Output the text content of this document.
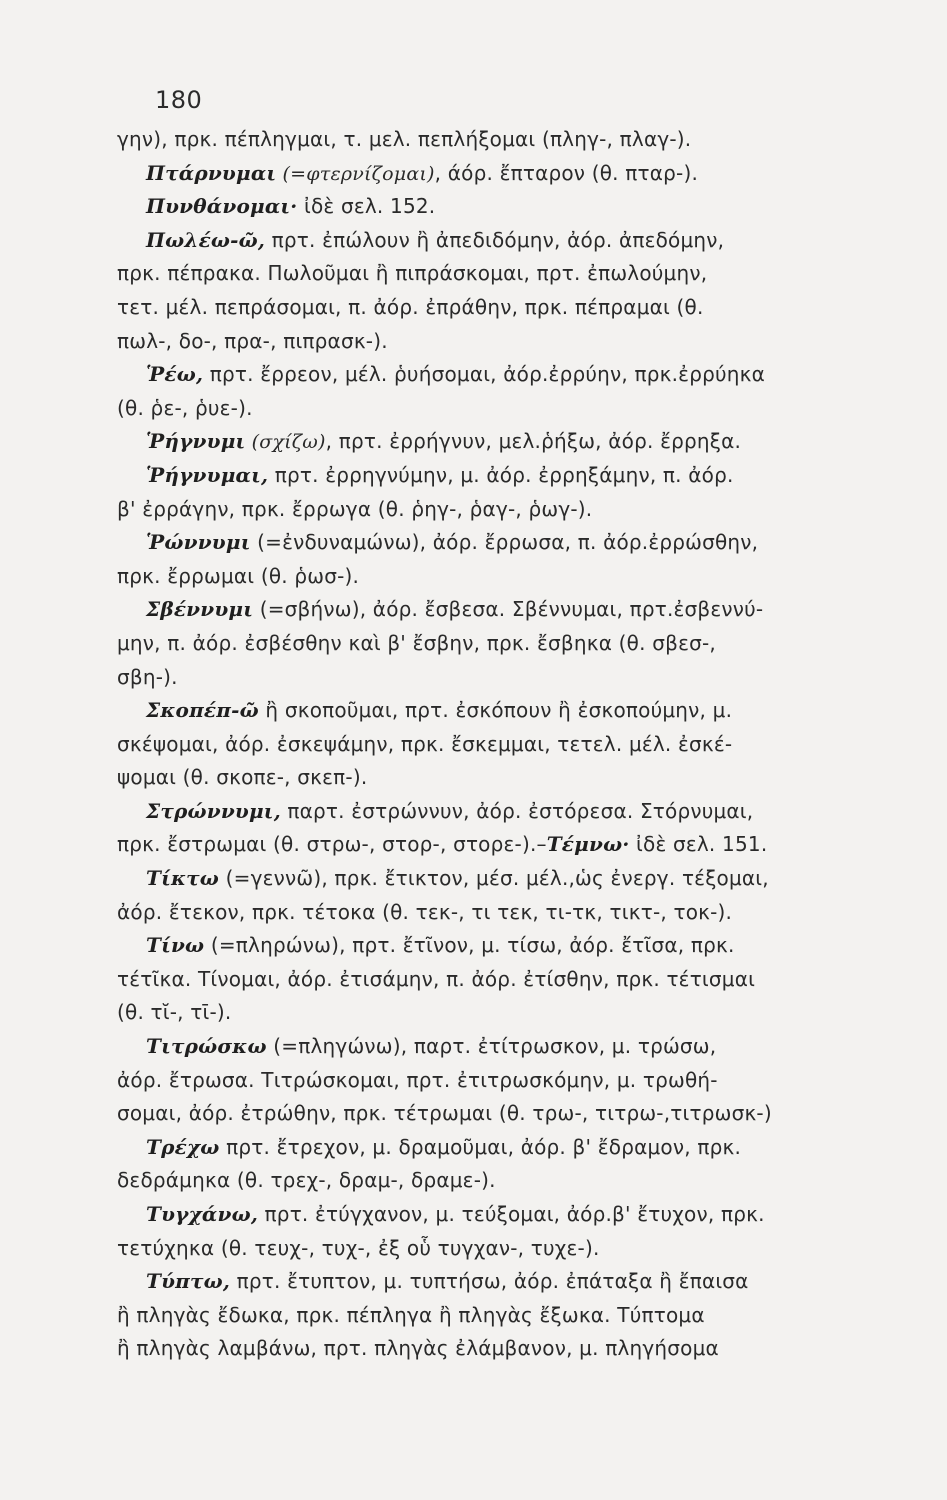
180
γην), πρκ. πέπληγμαι, τ. μελ. πεπλήξομαι (πληγ-, πλαγ-).
Πτάρνυμαι (=φτερνίζομαι), άόρ. ἔπταρον (θ. πταρ-).
Πυνθάνομαι· ἰδὲ σελ. 152.
Πωλέω-ῶ, πρτ. ἐπώλουν ἢ ἀπεδιδόμην, ἀόρ. ἀπεδόμην,
πρκ. πέπρακα. Πωλοῦμαι ἢ πιπράσκομαι, πρτ. ἐπωλούμην,
τετ. μέλ. πεπράσομαι, π. ἀόρ. ἐπράθην, πρκ. πέπραμαι (θ.
πωλ-, δο-, πρα-, πιπρασκ-).
Ῥέω, πρτ. ἔρρεον, μέλ. ῥυήσομαι, ἀόρ.ἐρρύην, πρκ.ἐρρύηκα
(θ. ῥε-, ῥυε-).
Ῥήγνυμι (σχίζω), πρτ. ἐρρήγνυν, μελ.ῥήξω, ἀόρ. ἔρρηξα.
Ῥήγνυμαι, πρτ. ἐρρηγνύμην, μ. ἀόρ. ἐρρηξάμην, π. ἀόρ.
β' ἐρράγην, πρκ. ἔρρωγα (θ. ῥηγ-, ῥαγ-, ῥωγ-).
Ῥώννυμι (=ἐνδυναμώνω), ἀόρ. ἔρρωσα, π. ἀόρ.ἐρρώσθην,
πρκ. ἔρρωμαι (θ. ῥωσ-).
Σβέννυμι (=σβήνω), ἀόρ. ἔσβεσα. Σβέννυμαι, πρτ.ἐσβεννύ-
μην, π. ἀόρ. ἐσβέσθην καὶ β' ἔσβην, πρκ. ἔσβηκα (θ. σβεσ-,
σβη-).
Σκοπέπ-ῶ ἢ σκοποῦμαι, πρτ. ἐσκόπουν ἢ ἐσκοπούμην, μ.
σκέψομαι, ἀόρ. ἐσκεψάμην, πρκ. ἔσκεμμαι, τετελ. μέλ. ἐσκέ-
ψομαι (θ. σκοπε-, σκεπ-).
Στρώννυμι, παρτ. ἐστρώννυν, ἀόρ. ἐστόρεσα. Στόρνυμαι,
πρκ. ἔστρωμαι (θ. στρω-, στορ-, στορε-).–Τέμνω· ἰδὲ σελ. 151.
Τίκτω (=γεννῶ), πρκ. ἔτικτον, μέσ. μέλ.,ὡς ἐνεργ. τέξομαι,
ἀόρ. ἔτεκον, πρκ. τέτοκα (θ. τεκ-, τι τεκ, τι-τκ, τικτ-, τοκ-).
Τίνω (=πληρώνω), πρτ. ἔτῖνον, μ. τίσω, ἀόρ. ἔτῖσα, πρκ.
τέτῖκα. Τίνομαι, ἀόρ. ἐτισάμην, π. ἀόρ. ἐτίσθην, πρκ. τέτισμαι
(θ. τῐ-, τῑ-).
Τιτρώσκω (=πληγώνω), παρτ. ἐτίτρωσκον, μ. τρώσω,
ἀόρ. ἔτρωσα. Τιτρώσκομαι, πρτ. ἐτιτρωσκόμην, μ. τρωθή-
σομαι, ἀόρ. ἐτρώθην, πρκ. τέτρωμαι (θ. τρω-, τιτρω-,τιτρωσκ-)
Τρέχω πρτ. ἔτρεχον, μ. δραμοῦμαι, ἀόρ. β' ἔδραμον, πρκ.
δεδράμηκα (θ. τρεχ-, δραμ-, δραμε-).
Τυγχάνω, πρτ. ἐτύγχανον, μ. τεύξομαι, ἀόρ.β' ἔτυχον, πρκ.
τετύχηκα (θ. τευχ-, τυχ-, ἐξ οὗ τυγχαν-, τυχε-).
Τύπτω, πρτ. ἔτυπτον, μ. τυπτήσω, ἀόρ. ἐπάταξα ἢ ἔπαισα
ἢ πληγὰς ἔδωκα, πρκ. πέπληγα ἢ πληγὰς ἔξωκα. Τύπτομα
ἢ πληγὰς λαμβάνω, πρτ. πληγὰς ἐλάμβανον, μ. πληγήσομα
